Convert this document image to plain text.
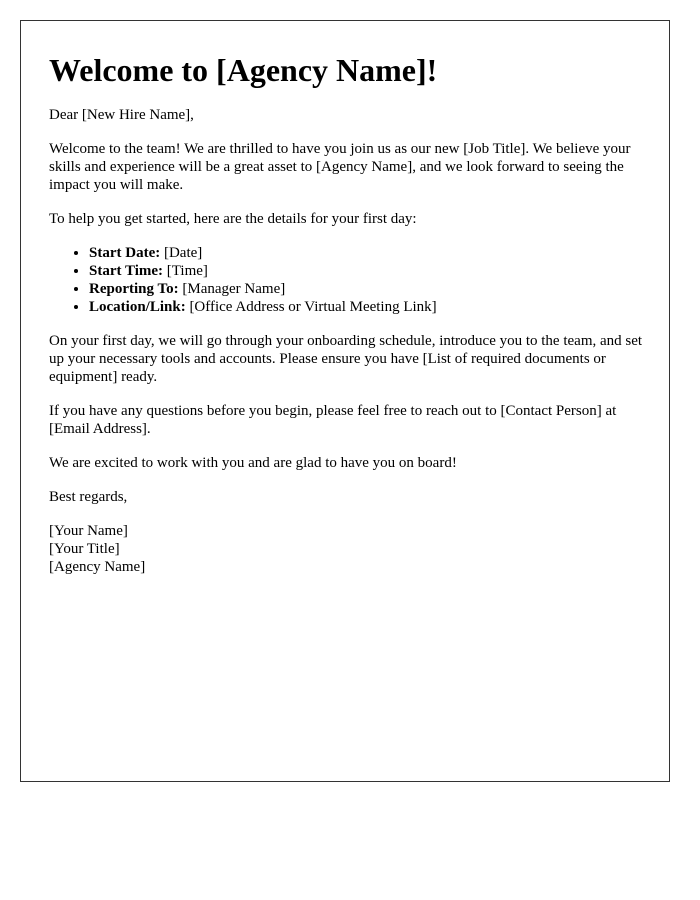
Welcome to [Agency Name]!

Dear [New Hire Name],

Welcome to the team! We are thrilled to have you join us as our new [Job Title]. We believe your skills and experience will be a great asset to [Agency Name], and we look forward to seeing the impact you will make.

To help you get started, here are the details for your first day:

• Start Date: [Date]
• Start Time: [Time]
• Reporting To: [Manager Name]
• Location/Link: [Office Address or Virtual Meeting Link]

On your first day, we will go through your onboarding schedule, introduce you to the team, and set up your necessary tools and accounts. Please ensure you have [List of required documents or equipment] ready.

If you have any questions before you begin, please feel free to reach out to [Contact Person] at [Email Address].

We are excited to work with you and are glad to have you on board!

Best regards,

[Your Name]
[Your Title]
[Agency Name]
